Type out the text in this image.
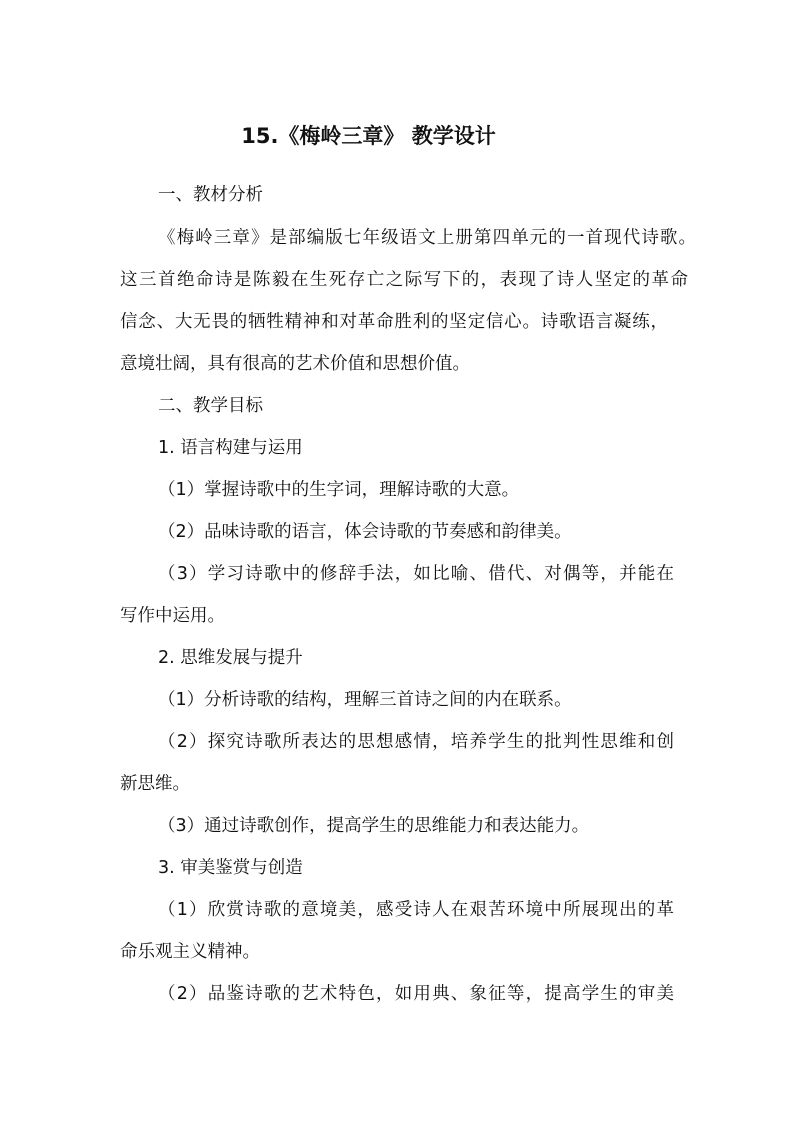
15.《梅岭三章》 教学设计
一、教材分析
《梅岭三章》是部编版七年级语文上册第四单元的一首现代诗歌。
这三首绝命诗是陈毅在生死存亡之际写下的，表现了诗人坚定的革命
信念、大无畏的牺牲精神和对革命胜利的坚定信心。诗歌语言凝练，
意境壮阔，具有很高的艺术价值和思想价值。
二、教学目标
1. 语言构建与运用
（1）掌握诗歌中的生字词，理解诗歌的大意。
（2）品味诗歌的语言，体会诗歌的节奏感和韵律美。
（3）学习诗歌中的修辞手法，如比喻、借代、对偶等，并能在
写作中运用。
2. 思维发展与提升
（1）分析诗歌的结构，理解三首诗之间的内在联系。
（2）探究诗歌所表达的思想感情，培养学生的批判性思维和创
新思维。
（3）通过诗歌创作，提高学生的思维能力和表达能力。
3. 审美鉴赏与创造
（1）欣赏诗歌的意境美，感受诗人在艰苦环境中所展现出的革
命乐观主义精神。
（2）品鉴诗歌的艺术特色，如用典、象征等，提高学生的审美
